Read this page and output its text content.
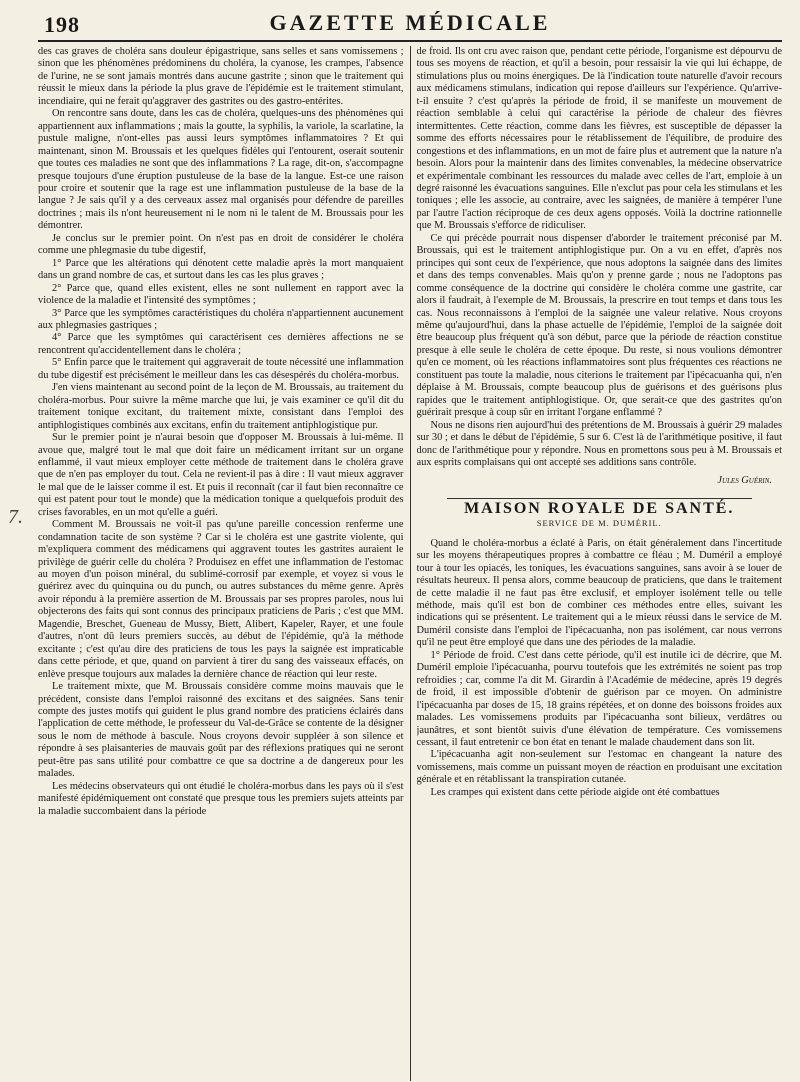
198	GAZETTE MÉDICALE
7.

des cas graves de choléra sans douleur épigastrique, sans selles et sans vomissemens ; sinon que les phénomènes prédominens du choléra, la cyanose, les crampes, l'absence de l'urine, ne se sont jamais montrés dans aucune gastrite ; sinon que le traitement qui réussit le mieux dans la période la plus grave de l'épidémie est le traitement stimulant, incendiaire, qui ne ferait qu'aggraver des gastrites ou des gastro-entérites.

On rencontre sans doute, dans les cas de choléra, quelques-uns des phénomènes qui appartiennent aux inflammations ; mais la goutte, la syphilis, la variole, la scarlatine, la pustule maligne, n'ont-elles pas aussi leurs symptômes inflammatoires ? Et qui maintenant, sinon M. Broussais et les quelques fidèles qui l'entourent, oserait soutenir que toutes ces maladies ne sont que des inflammations ? La rage, dit-on, s'accompagne presque toujours d'une éruption pustuleuse de la base de la langue. Est-ce une raison pour croire et soutenir que la rage est une inflammation pustuleuse de la base de la langue ? Je sais qu'il y a des cerveaux assez mal organisés pour défendre de pareilles doctrines ; mais ils n'ont heureusement ni le nom ni le talent de M. Broussais pour les démontrer.

Je conclus sur le premier point. On n'est pas en droit de considérer le choléra comme une phlegmasie du tube digestif,

1° Parce que les altérations qui dénotent cette maladie après la mort manquaient dans un grand nombre de cas, et surtout dans les cas les plus graves ;

2° Parce que, quand elles existent, elles ne sont nullement en rapport avec la violence de la maladie et l'intensité des symptômes ;

3° Parce que les symptômes caractéristiques du choléra n'appartiennent aucunement aux phlegmasies gastriques ;

4° Parce que les symptômes qui caractérisent ces dernières affections ne se rencontrent qu'accidentellement dans le choléra ;

5° Enfin parce que le traitement qui aggraverait de toute nécessité une inflammation du tube digestif est précisément le meilleur dans les cas désespérés du choléra-morbus.

J'en viens maintenant au second point de la leçon de M. Broussais, au traitement du choléra-morbus. Pour suivre la même marche que lui, je vais examiner ce qu'il dit du traitement tonique excitant, du traitement mixte, consistant dans l'emploi des antiphlogistiques combinés aux excitans, enfin du traitement antiphlogistique pur.

Sur le premier point je n'aurai besoin que d'opposer M. Broussais à lui-même. Il avoue que, malgré tout le mal que doit faire un médicament irritant sur un organe enflammé, il vaut mieux employer cette méthode de traitement dans le choléra grave que de n'en pas employer du tout. Cela ne revient-il pas à dire : Il vaut mieux aggraver le mal que de le laisser comme il est. Et puis il reconnaît (car il faut bien reconnaître ce qui est patent pour tout le monde) que la médication tonique a quelquefois produit des crises favorables, en un mot qu'elle a guéri.

Comment M. Broussais ne voit-il pas qu'une pareille concession renferme une condamnation tacite de son système ? Car si le choléra est une gastrite violente, qui m'expliquera comment des médicamens qui aggravent toutes les gastrites auraient le privilège de guérir celle du choléra ? Produisez en effet une inflammation de l'estomac au moyen d'un poison minéral, du sublimé-corrosif par exemple, et voyez si vous le guérirez avec du quinquina ou du punch, ou autres substances du même genre. Après avoir répondu à la première assertion de M. Broussais par ses propres paroles, nous lui objecterons des faits qui sont connus des principaux praticiens de Paris ; c'est que MM. Magendie, Breschet, Gueneau de Mussy, Biett, Alibert, Kapeler, Rayer, et une foule d'autres, n'ont dû leurs premiers succès, au début de l'épidémie, qu'à la méthode excitante ; c'est qu'au dire des praticiens de tous les pays la saignée est impraticable dans cette période, et que, quand on parvient à tirer du sang des vaisseaux effacés, on enlève presque toujours aux malades la dernière chance de réaction qui leur reste.

Le traitement mixte, que M. Broussais considère comme moins mauvais que le précédent, consiste dans l'emploi raisonné des excitans et des saignées. Sans tenir compte des justes motifs qui guident le plus grand nombre des praticiens éclairés dans l'application de cette méthode, le professeur du Val-de-Grâce se contente de la désigner sous le nom de méthode à bascule. Nous croyons devoir suppléer à son silence et répondre à ses plaisanteries de mauvais goût par des réflexions pratiques qui ne seront peut-être pas sans utilité pour combattre ce que sa doctrine a de dangereux pour les malades.

Les médecins observateurs qui ont étudié le choléra-morbus dans les pays où il s'est manifesté épidémiquement ont constaté que presque tous les premiers sujets atteints par la maladie succombaient dans la période

de froid. Ils ont cru avec raison que, pendant cette période, l'organisme est dépourvu de tous ses moyens de réaction, et qu'il a besoin, pour ressaisir la vie qui lui échappe, de stimulations plus ou moins énergiques. De là l'indication toute naturelle d'avoir recours aux médicamens stimulans, indication qui repose d'ailleurs sur l'expérience. Qu'arrive-t-il ensuite ? c'est qu'après la période de froid, il se manifeste un mouvement de réaction semblable à celui qui caractérise la période de chaleur des fièvres intermittentes. Cette réaction, comme dans les fièvres, est susceptible de dépasser la somme des efforts nécessaires pour le rétablissement de l'équilibre, de produire des congestions et des inflammations, en un mot de faire plus et autrement que la nature n'a besoin. Alors pour la maintenir dans des limites convenables, la médecine observatrice et expérimentale combinant les ressources du malade avec celles de l'art, emploie à un degré raisonné les évacuations sanguines. Elle n'exclut pas pour cela les stimulans et les toniques ; elle les associe, au contraire, avec les saignées, de manière à tempérer l'une par l'autre l'action réciproque de ces deux agens opposés. Voilà la doctrine rationnelle que M. Broussais s'efforce de ridiculiser.

Ce qui précède pourrait nous dispenser d'aborder le traitement préconisé par M. Broussais, qui est le traitement antiphlogistique pur. On a vu en effet, d'après nos principes qui sont ceux de l'expérience, que nous adoptons la saignée dans des limites et dans des temps convenables. Mais qu'on y prenne garde ; nous ne l'adoptons pas comme conséquence de la doctrine qui considère le choléra comme une gastrite, car alors il faudrait, à l'exemple de M. Broussais, la prescrire en tout temps et dans tous les cas. Nous reconnaissons à l'emploi de la saignée une valeur relative. Nous croyons même qu'aujourd'hui, dans la phase actuelle de l'épidémie, l'emploi de la saignée doit être beaucoup plus fréquent qu'à son début, parce que la période de réaction constitue presque à elle seule le choléra de cette époque. Du reste, si nous voulions démontrer qu'en ce moment, où les réactions inflammatoires sont plus fréquentes ces réactions ne constituent pas toute la maladie, nous citerions le traitement par l'ipécacuanha qui, n'en déplaise à M. Broussais, compte beaucoup plus de guérisons et des guérisons plus rapides que le traitement antiphlogistique. Or, que serait-ce que des gastrites qu'on guérirait presque à coup sûr en irritant l'organe enflammé ?

Nous ne disons rien aujourd'hui des prétentions de M. Broussais à guérir 29 malades sur 30 ; et dans le début de l'épidémie, 5 sur 6. C'est là de l'arithmétique positive, il faut donc de l'arithmétique pour y répondre. Nous en promettons sous peu à M. Broussais et aux esprits complaisans qui ont accepté ses additions sans contrôle.

Jules Guérin.

MAISON ROYALE DE SANTÉ.
SERVICE DE M. DUMÉRIL.

Quand le choléra-morbus a éclaté à Paris, on était généralement dans l'incertitude sur les moyens thérapeutiques propres à combattre ce fléau ; M. Duméril a employé tour à tour les opiacés, les toniques, les évacuations sanguines, sans avoir à se louer de résultats heureux. Il pensa alors, comme beaucoup de praticiens, que dans le traitement de cette maladie il ne faut pas être exclusif, et employer isolément telle ou telle méthode, mais qu'il est bon de combiner ces méthodes entre elles, suivant les indications qui se présentent. Le traitement qui a le mieux réussi dans le service de M. Duméril consiste dans l'emploi de l'ipécacuanha, non pas isolément, car nous verrons qu'il ne peut être employé que dans une des périodes de la maladie.

1° Période de froid. C'est dans cette période, qu'il est inutile ici de décrire, que M. Duméril emploie l'ipécacuanha, pourvu toutefois que les extrémités ne soient pas trop refroidies ; car, comme l'a dit M. Girardin à l'Académie de médecine, après 19 degrés de froid, il est impossible d'obtenir de guérison par ce moyen. On administre l'ipécacuanha par doses de 15, 18 grains répétées, et on donne des boissons froides aux malades. Les vomissemens produits par l'ipécacuanha sont bilieux, verdâtres ou jaunâtres, et sont bientôt suivis d'une élévation de température. Ces vomissemens cessant, il faut entretenir ce bon état en tenant le malade chaudement dans son lit.

L'ipécacuanha agit non-seulement sur l'estomac en changeant la nature des vomissemens, mais comme un puissant moyen de réaction en produisant une excitation générale et en rétablissant la transpiration cutanée.

Les crampes qui existent dans cette période aigide ont été combattues
